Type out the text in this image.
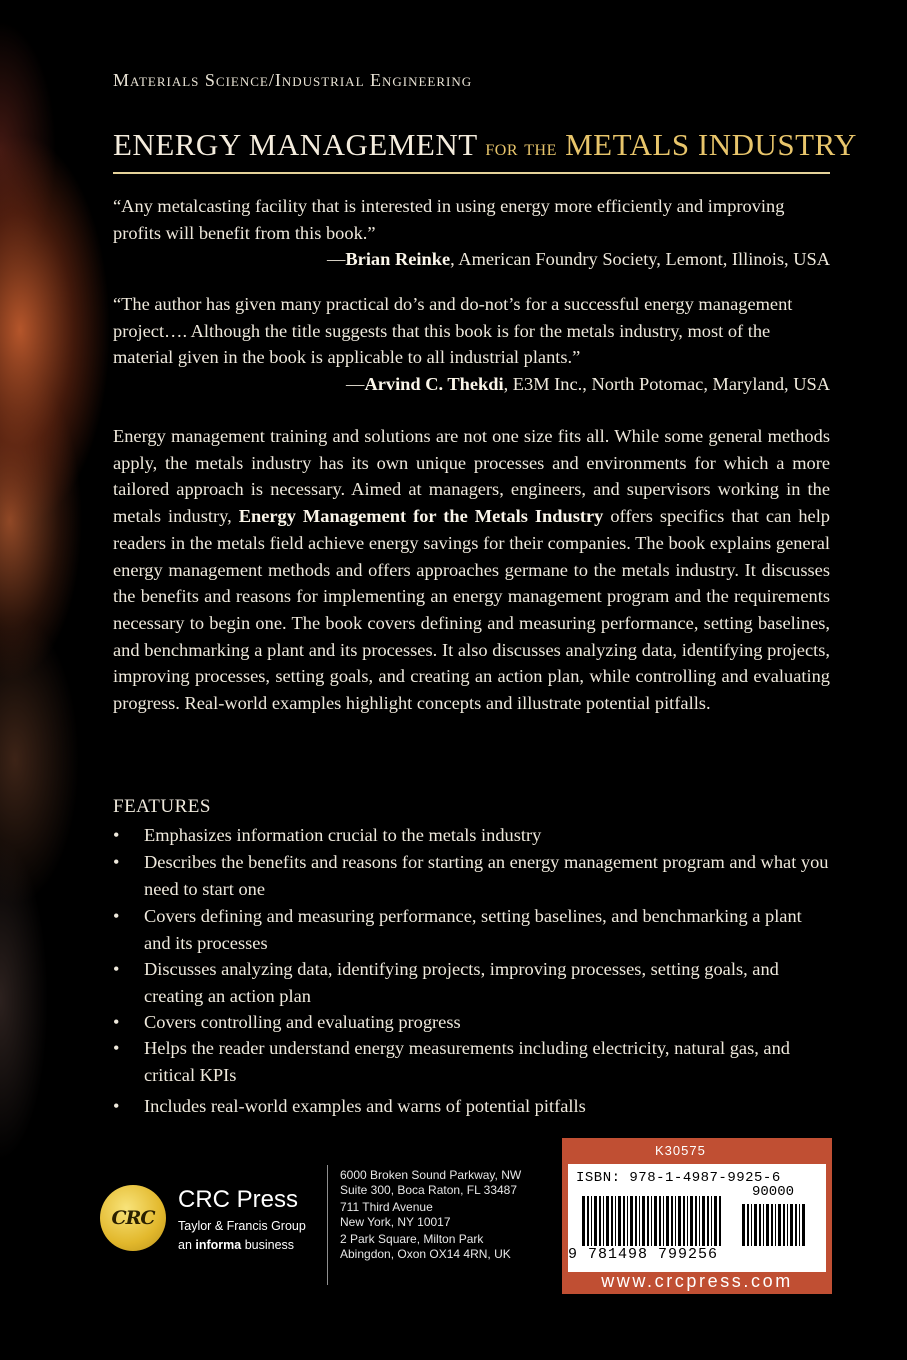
Materials Science/Industrial Engineering
ENERGY MANAGEMENT for the METALS INDUSTRY
“Any metalcasting facility that is interested in using energy more efficiently and improving profits will benefit from this book.”
—Brian Reinke, American Foundry Society, Lemont, Illinois, USA
“The author has given many practical do’s and do-not’s for a successful energy management project…. Although the title suggests that this book is for the metals industry, most of the material given in the book is applicable to all industrial plants.”
—Arvind C. Thekdi, E3M Inc., North Potomac, Maryland, USA
Energy management training and solutions are not one size fits all. While some general methods apply, the metals industry has its own unique processes and environments for which a more tailored approach is necessary. Aimed at managers, engineers, and supervisors working in the metals industry, Energy Management for the Metals Industry offers specifics that can help readers in the metals field achieve energy savings for their companies. The book explains general energy management methods and offers approaches germane to the metals industry. It discusses the benefits and reasons for implementing an energy management program and the requirements necessary to begin one. The book covers defining and measuring performance, setting baselines, and benchmarking a plant and its processes. It also discusses analyzing data, identifying projects, improving processes, setting goals, and creating an action plan, while controlling and evaluating progress. Real-world examples highlight concepts and illustrate potential pitfalls.
FEATURES
•	Emphasizes information crucial to the metals industry
•	Describes the benefits and reasons for starting an energy management program and what you need to start one
•	Covers defining and measuring performance, setting baselines, and benchmarking a plant and its processes
•	Discusses analyzing data, identifying projects, improving processes, setting goals, and creating an action plan
•	Covers controlling and evaluating progress
•	Helps the reader understand energy measurements including electricity, natural gas, and critical KPIs
•	Includes real-world examples and warns of potential pitfalls
CRC
CRC Press
Taylor & Francis Group
an informa business
6000 Broken Sound Parkway, NW
Suite 300, Boca Raton, FL 33487
711 Third Avenue
New York, NY 10017
2 Park Square, Milton Park
Abingdon, Oxon OX14 4RN, UK
K30575
ISBN: 978-1-4987-9925-6
90000
9 781498 799256
www.crcpress.com
